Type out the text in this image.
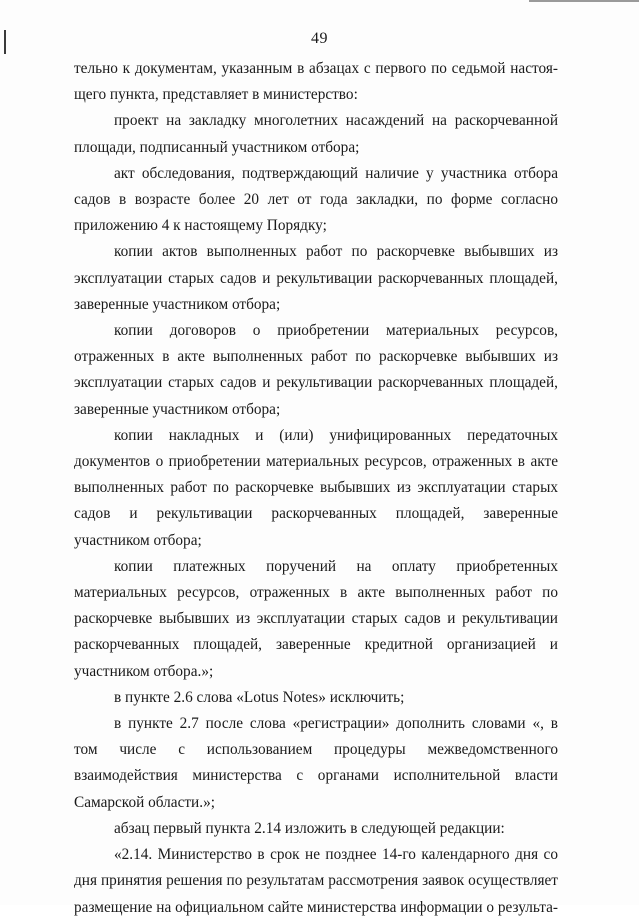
49

тельно к документам, указанным в абзацах с первого по седьмой настоя-щего пункта, представляет в министерство:

проект на закладку многолетних насаждений на раскорчеванной площади, подписанный участником отбора;

акт обследования, подтверждающий наличие у участника отбора садов в возрасте более 20 лет от года закладки, по форме согласно приложению 4 к настоящему Порядку;

копии актов выполненных работ по раскорчевке выбывших из эксплуатации старых садов и рекультивации раскорчеванных площадей, заверенные участником отбора;

копии договоров о приобретении материальных ресурсов, отраженных в акте выполненных работ по раскорчевке выбывших из эксплуатации старых садов и рекультивации раскорчеванных площадей, заверенные участником отбора;

копии накладных и (или) унифицированных передаточных документов о приобретении материальных ресурсов, отраженных в акте выполненных работ по раскорчевке выбывших из эксплуатации старых садов и рекультивации раскорчеванных площадей, заверенные участником отбора;

копии платежных поручений на оплату приобретенных материальных ресурсов, отраженных в акте выполненных работ по раскорчевке выбывших из эксплуатации старых садов и рекультивации раскорчеванных площадей, заверенные кредитной организацией и участником отбора.»;

в пункте 2.6 слова «Lotus Notes» исключить;

в пункте 2.7 после слова «регистрации» дополнить словами «, в том числе с использованием процедуры межведомственного взаимодействия министерства с органами исполнительной власти Самарской области.»;

абзац первый пункта 2.14 изложить в следующей редакции:

«2.14. Министерство в срок не позднее 14-го календарного дня со дня принятия решения по результатам рассмотрения заявок осуществляет размещение на официальном сайте министерства информации о результа-
